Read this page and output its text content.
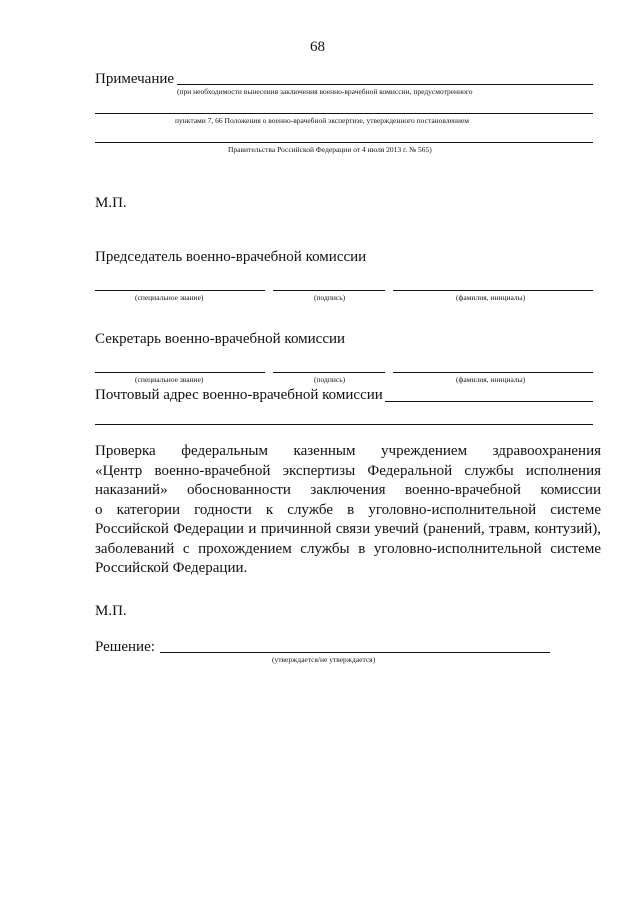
68
Примечание
(при необходимости вынесения заключения военно-врачебной комиссии, предусмотренного
пунктами 7, 66 Положения о военно-врачебной экспертизе, утвержденного постановлением
Правительства Российской Федерации от 4 июля 2013 г. № 565)
М.П.
Председатель военно-врачебной комиссии
(специальное звание)	(подпись)	(фамилия, инициалы)
Секретарь военно-врачебной комиссии
(специальное звание)	(подпись)	(фамилия, инициалы)
Почтовый адрес военно-врачебной комиссии
Проверка федеральным казенным учреждением здравоохранения
«Центр военно-врачебной экспертизы Федеральной службы исполнения
наказаний» обоснованности заключения военно-врачебной комиссии
о категории годности к службе в уголовно-исполнительной системе
Российской Федерации и причинной связи увечий (ранений, травм, контузий),
заболеваний с прохождением службы в уголовно-исполнительной системе
Российской Федерации.
М.П.
Решение:
(утверждается/не утверждается)
